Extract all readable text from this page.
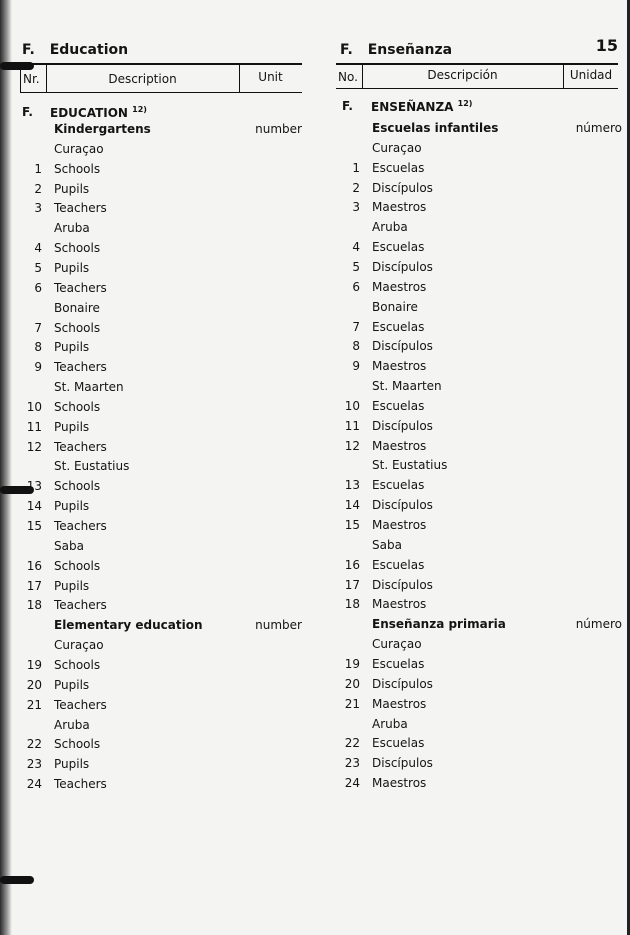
F. Education	F. Enseñanza	15
Nr.	Description	Unit	No.	Descripción	Unidad
F. EDUCATION $^{12)}$	F. ENSEÑANZA $^{12)}$
Kindergartens	number
Curaçao
1 Schools
2 Pupils
3 Teachers
Aruba
4 Schools
5 Pupils
6 Teachers
Bonaire
7 Schools
8 Pupils
9 Teachers
St. Maarten
10 Schools
11 Pupils
12 Teachers
St. Eustatius
13 Schools
14 Pupils
15 Teachers
Saba
16 Schools
17 Pupils
18 Teachers
Elementary education	number
Curaçao
19 Schools
20 Pupils
21 Teachers
Aruba
22 Schools
23 Pupils
24 Teachers
Escuelas infantiles	número
Curaçao
1 Escuelas
2 Discípulos
3 Maestros
Aruba
4 Escuelas
5 Discípulos
6 Maestros
Bonaire
7 Escuelas
8 Discípulos
9 Maestros
St. Maarten
10 Escuelas
11 Discípulos
12 Maestros
St. Eustatius
13 Escuelas
14 Discípulos
15 Maestros
Saba
16 Escuelas
17 Discípulos
18 Maestros
Enseñanza primaria	número
Curaçao
19 Escuelas
20 Discípulos
21 Maestros
Aruba
22 Escuelas
23 Discípulos
24 Maestros
